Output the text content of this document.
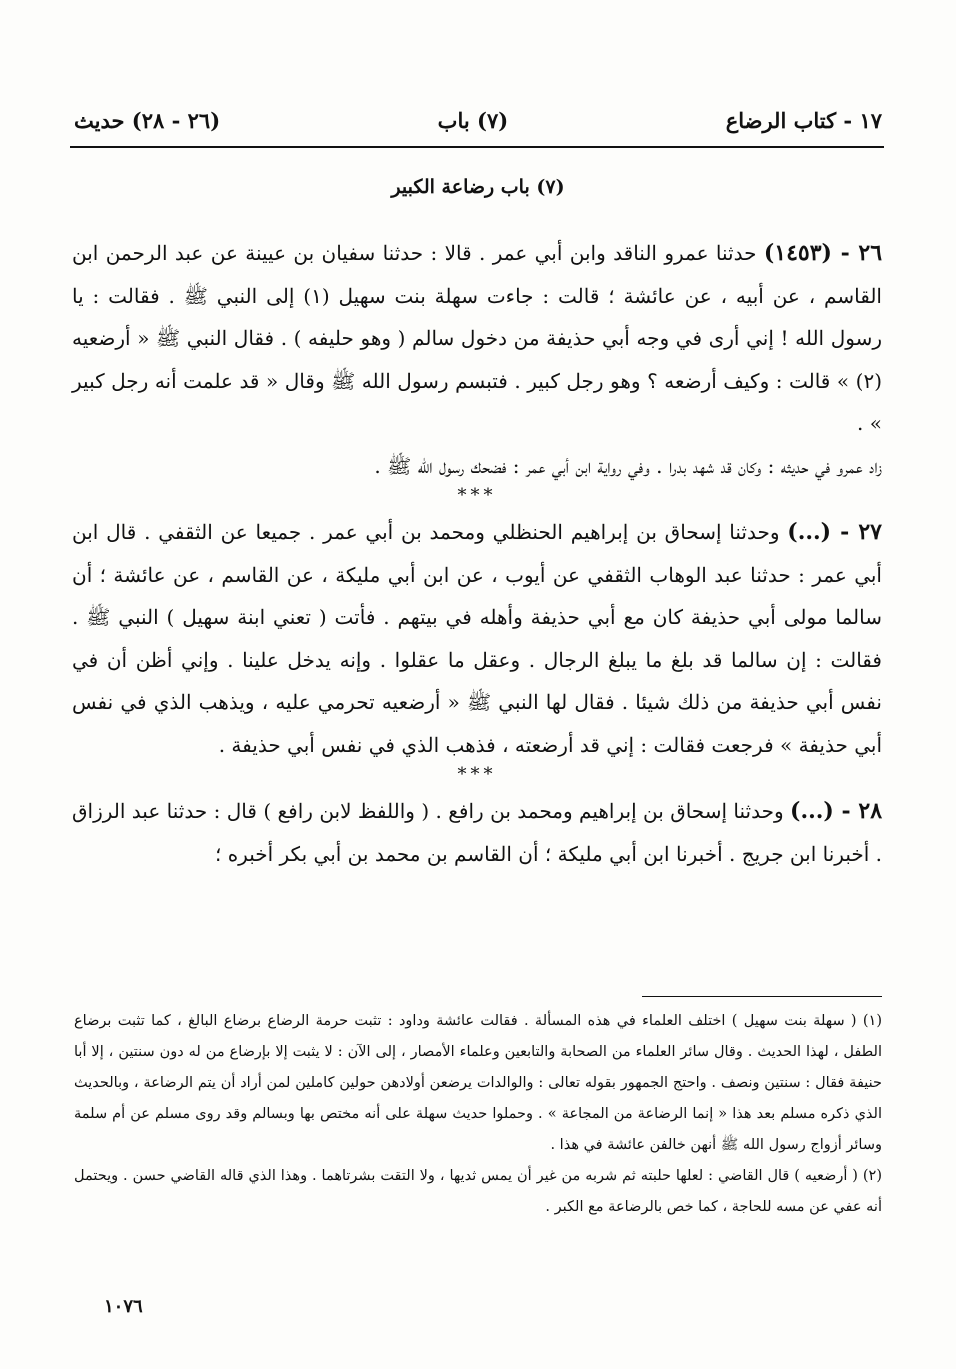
١٧ - كتاب الرضاع
(٧) باب
(٢٦ - ٢٨) حديث
(٧) باب رضاعة الكبير

٢٦ - (١٤٥٣) حدثنا عمرو الناقد وابن أبي عمر . قالا : حدثنا سفيان بن عيينة عن عبد الرحمن ابن القاسم ، عن أبيه ، عن عائشة ؛ قالت : جاءت سهلة بنت سهيل (١) إلى النبي ﷺ . فقالت : يا رسول الله ! إني أرى في وجه أبي حذيفة من دخول سالم ( وهو حليفه ) . فقال النبي ﷺ « أرضعيه (٢) » قالت : وكيف أرضعه ؟ وهو رجل كبير . فتبسم رسول الله ﷺ وقال « قد علمت أنه رجل كبير » .

زاد عمرو في حديثه : وكان قد شهد بدرا . وفي رواية ابن أبي عمر : فضحك رسول الله ﷺ .

***

٢٧ - (...) وحدثنا إسحاق بن إبراهيم الحنظلي ومحمد بن أبي عمر . جميعا عن الثقفي . قال ابن أبي عمر : حدثنا عبد الوهاب الثقفي عن أيوب ، عن ابن أبي مليكة ، عن القاسم ، عن عائشة ؛ أن سالما مولى أبي حذيفة كان مع أبي حذيفة وأهله في بيتهم . فأتت ( تعني ابنة سهيل ) النبي ﷺ . فقالت : إن سالما قد بلغ ما يبلغ الرجال . وعقل ما عقلوا . وإنه يدخل علينا . وإني أظن أن في نفس أبي حذيفة من ذلك شيئا . فقال لها النبي ﷺ « أرضعيه تحرمي عليه ، ويذهب الذي في نفس أبي حذيفة » فرجعت فقالت : إني قد أرضعته ، فذهب الذي في نفس أبي حذيفة .

***

٢٨ - (...) وحدثنا إسحاق بن إبراهيم ومحمد بن رافع . ( واللفظ لابن رافع ) قال : حدثنا عبد الرزاق . أخبرنا ابن جريج . أخبرنا ابن أبي مليكة ؛ أن القاسم بن محمد بن أبي بكر أخبره ؛

(١) ( سهلة بنت سهيل ) اختلف العلماء في هذه المسألة . فقالت عائشة وداود : تثبت حرمة الرضاع برضاع البالغ ، كما تثبت برضاع الطفل ، لهذا الحديث . وقال سائر العلماء من الصحابة والتابعين وعلماء الأمصار ، إلى الآن : لا يثبت إلا بإرضاع من له دون سنتين ، إلا أبا حنيفة فقال : سنتين ونصف . واحتج الجمهور بقوله تعالى : والوالدات يرضعن أولادهن حولين كاملين لمن أراد أن يتم الرضاعة ، وبالحديث الذي ذكره مسلم بعد هذا « إنما الرضاعة من المجاعة » . وحملوا حديث سهلة على أنه مختص بها وبسالم وقد روى مسلم عن أم سلمة وسائر أزواج رسول الله ﷺ أنهن خالفن عائشة في هذا .

(٢) ( أرضعيه ) قال القاضي : لعلها حلبته ثم شربه من غير أن يمس ثديها ، ولا التقت بشرتاهما . وهذا الذي قاله القاضي حسن . ويحتمل أنه عفي عن مسه للحاجة ، كما خص بالرضاعة مع الكبر .

١٠٧٦
